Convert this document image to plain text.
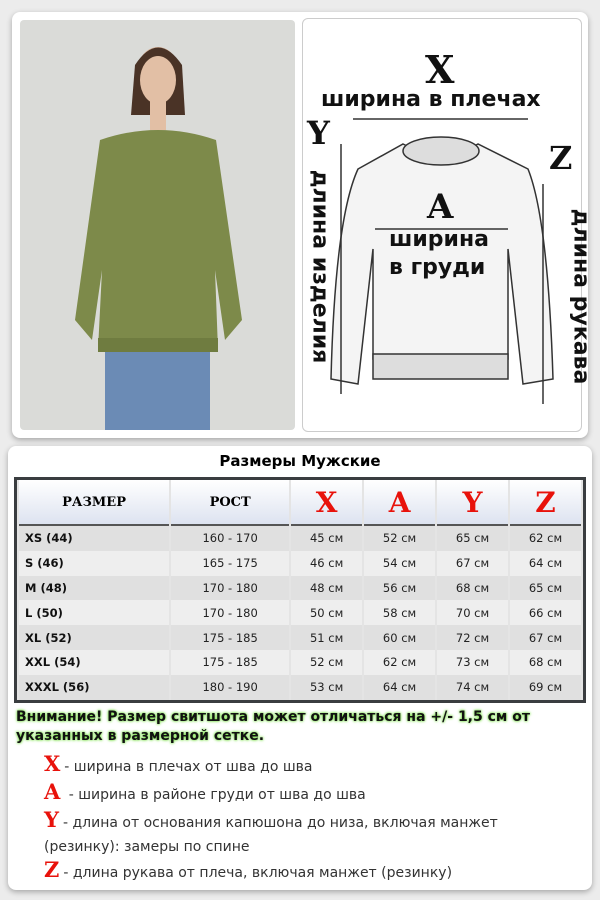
X
ширина в плечах
Y
длина изделия
Z
длина рукава
A
ширина
в груди
Размеры Мужские
РАЗМЕР	РОСТ	X	A	Y	Z
XS (44)	160 - 170	45 см	52 см	65 см	62 см
S (46)	165 - 175	46 см	54 см	67 см	64 см
M (48)	170 - 180	48 см	56 см	68 см	65 см
L (50)	170 - 180	50 см	58 см	70 см	66 см
XL (52)	175 - 185	51 см	60 см	72 см	67 см
XXL (54)	175 - 185	52 см	62 см	73 см	68 см
XXXL (56)	180 - 190	53 см	64 см	74 см	69 см
Внимание! Размер свитшота может отличаться на +/- 1,5 см от указанных в размерной сетке.
X - ширина в плечах от шва до шва
A - ширина в районе груди от шва до шва
Y - длина от основания капюшона до низа, включая манжет (резинку): замеры по спине
Z - длина рукава от плеча, включая манжет (резинку)
